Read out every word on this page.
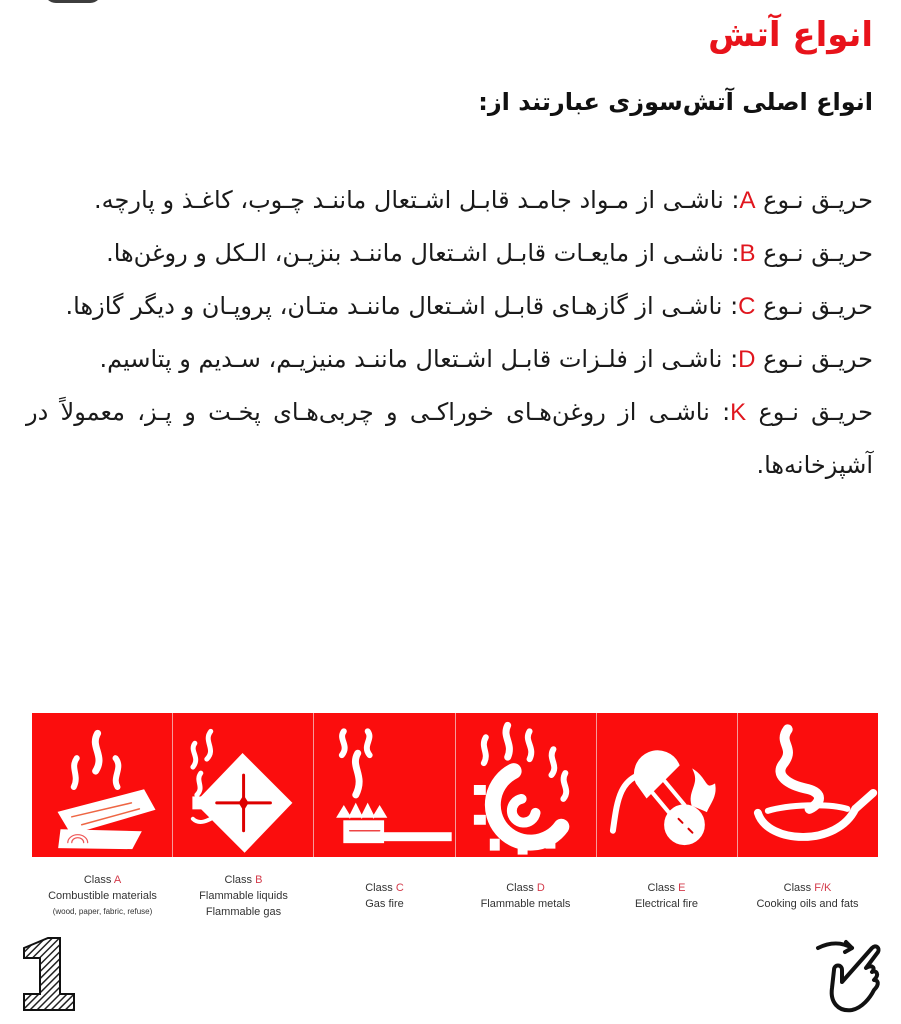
انواع آتش
انواع اصلی آتش‌سوزی عبارتند از:

حریـق نـوع A: ناشـی از مـواد جامـد قابـل اشـتعال ماننـد چـوب، کاغـذ و پارچه.

حریـق نـوع B: ناشـی از مایعـات قابـل اشـتعال ماننـد بنزیـن، الـکل و روغن‌ها.

حریـق نـوع C: ناشـی از گازهـای قابـل اشـتعال ماننـد متـان، پروپـان و دیگر گازها.

حریـق نـوع D: ناشـی از فلـزات قابـل اشـتعال ماننـد منیزیـم، سـدیم و پتاسیم.

حریـق نـوع K: ناشـی از روغن‌هـای خوراکـی و چربی‌هـای پخـت و پـز، معمولاً در آشپزخانه‌ها.

Class A
Combustible materials
(wood, paper, fabric, refuse)
Class B
Flammable liquids
Flammable gas
Class C
Gas fire
Class D
Flammable metals
Class E
Electrical fire
Class F/K
Cooking oils and fats
